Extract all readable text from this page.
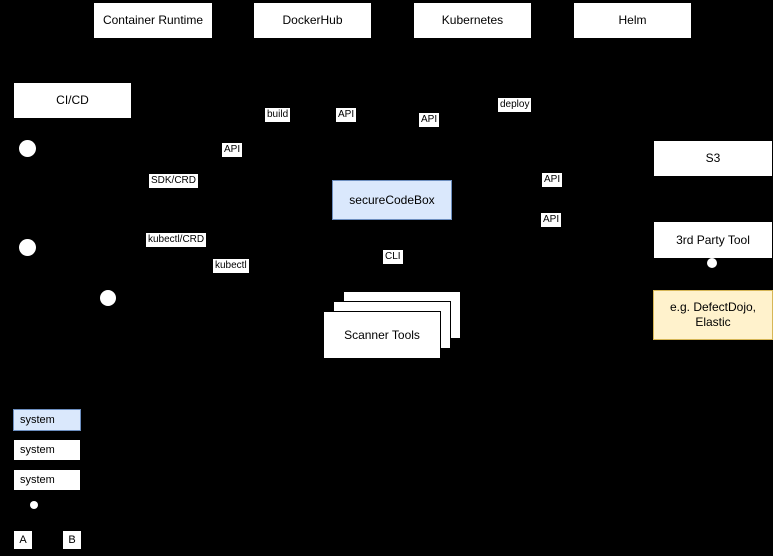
Container Runtime	DockerHub	Kubernetes	Helm
CI/CD
secureCodeBox
Scanner Tools
S3
3rd Party Tool
e.g. DefectDojo, Elastic
build	API	API
deploy
API
SDK/CRD	API
API
kubectl/CRD
kubectl
CLI
system
system
system
A	B
